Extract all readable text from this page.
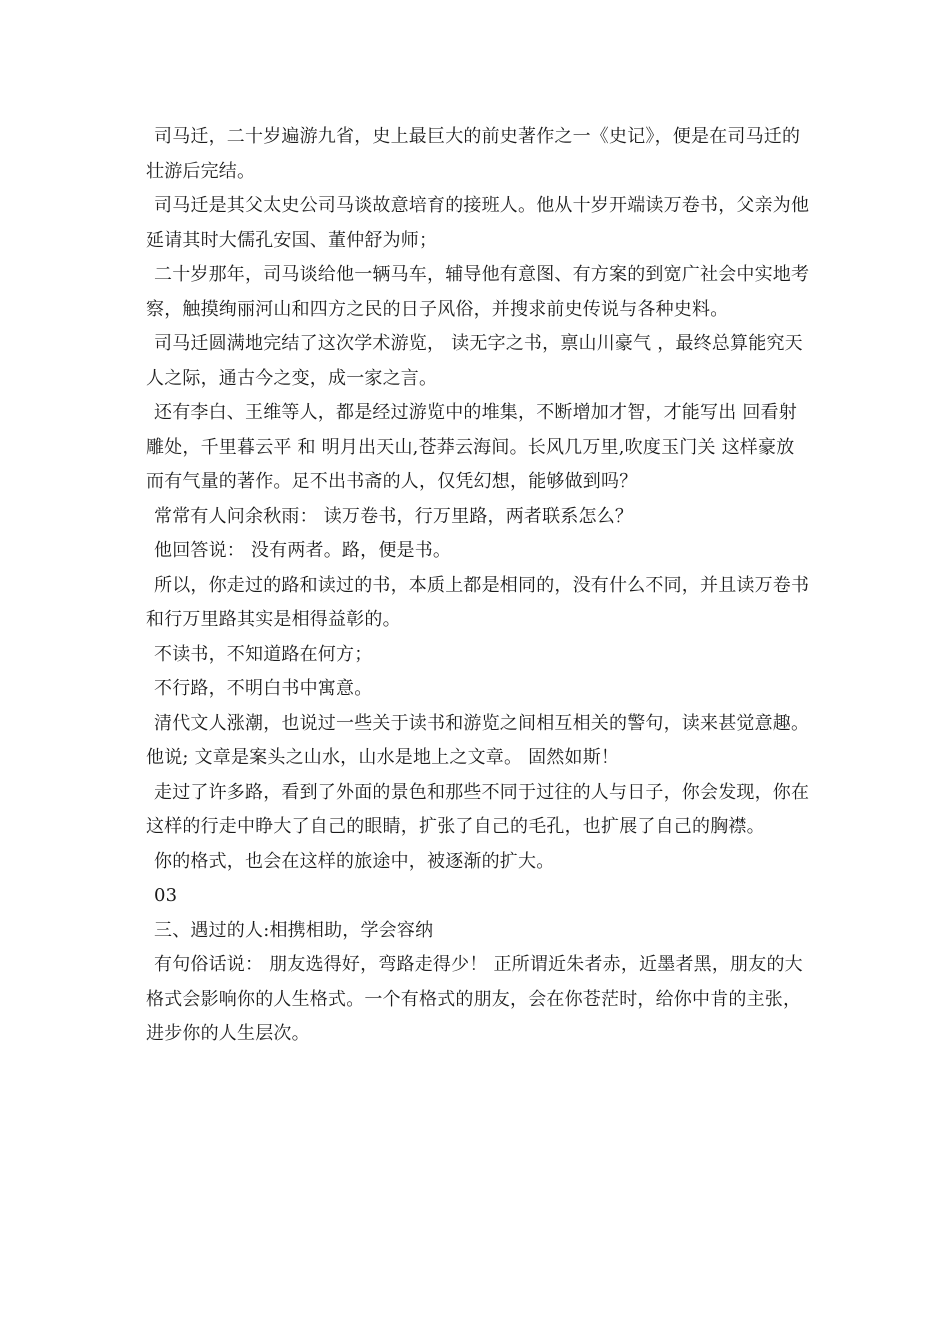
司马迁，二十岁遍游九省，史上最巨大的前史著作之一《史记》，便是在司马迁的壮游后完结。

司马迁是其父太史公司马谈故意培育的接班人。他从十岁开端读万卷书，父亲为他延请其时大儒孔安国、董仲舒为师；

二十岁那年，司马谈给他一辆马车，辅导他有意图、有方案的到宽广社会中实地考察，触摸绚丽河山和四方之民的日子风俗，并搜求前史传说与各种史料。

司马迁圆满地完结了这次学术游览， 读无字之书，禀山川豪气 ，最终总算能究天人之际，通古今之变，成一家之言。

还有李白、王维等人，都是经过游览中的堆集，不断增加才智，才能写出 回看射雕处，千里暮云平 和 明月出天山,苍莽云海间。长风几万里,吹度玉门关 这样豪放而有气量的著作。足不出书斋的人，仅凭幻想，能够做到吗？

常常有人问余秋雨： 读万卷书，行万里路，两者联系怎么？

他回答说： 没有两者。路，便是书。

所以，你走过的路和读过的书，本质上都是相同的，没有什么不同，并且读万卷书和行万里路其实是相得益彰的。

不读书，不知道路在何方；

不行路，不明白书中寓意。

清代文人涨潮，也说过一些关于读书和游览之间相互相关的警句，读来甚觉意趣。他说; 文章是案头之山水，山水是地上之文章。 固然如斯！

走过了许多路，看到了外面的景色和那些不同于过往的人与日子，你会发现，你在这样的行走中睁大了自己的眼睛，扩张了自己的毛孔，也扩展了自己的胸襟。

你的格式，也会在这样的旅途中，被逐渐的扩大。

03

三、遇过的人:相携相助，学会容纳

有句俗话说： 朋友选得好，弯路走得少！ 正所谓近朱者赤，近墨者黑，朋友的大格式会影响你的人生格式。一个有格式的朋友，会在你苍茫时，给你中肯的主张，进步你的人生层次。
